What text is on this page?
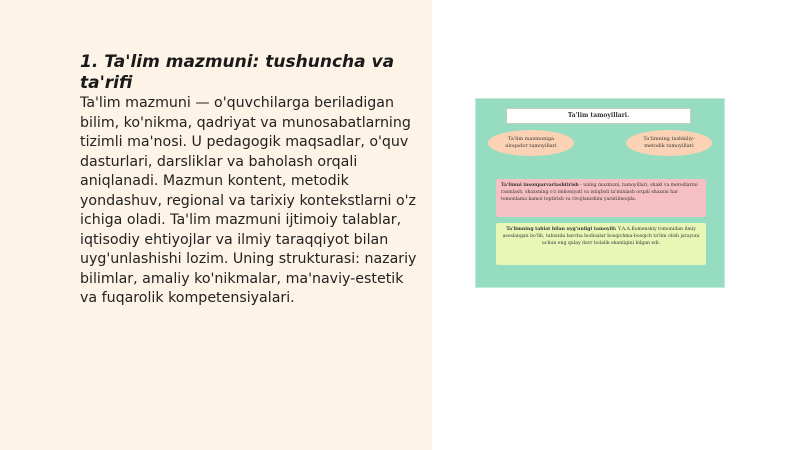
1. Ta'lim mazmuni: tushuncha va ta'rifi

Ta'lim mazmuni — o'quvchilarga beriladigan bilim, ko'nikma, qadriyat va munosabatlarning tizimli ma'nosi. U pedagogik maqsadlar, o'quv dasturlari, darsliklar va baholash orqali aniqlanadi. Mazmun kontent, metodik yondashuv, regional va tarixiy kontekstlarni o'z ichiga oladi. Ta'lim mazmuni ijtimoiy talablar, iqtisodiy ehtiyojlar va ilmiy taraqqiyot bilan uyg'unlashishi lozim. Uning strukturasi: nazariy bilimlar, amaliy ko'nikmalar, ma'naviy-estetik va fuqarolik kompetensiyalari.

Ta'lim tamoyillari.
Ta'lim mazmuniga aloqador tamoyillari
Ta'limning tashkiliy-metodik tamoyillari
Ta'limni insonparvarlashtirish - uning mazmuni, tamoyillari, shakl va metodlarini rasmlash, shaxsning o'z imkoniyati va istiqboli ta'minlash orqali shaxsni har tomonlama kamol toptirish va rivojlanishini yaratilmoqda.
Ta'limning tabiat bilan uyg'unligi tamoyili: Y.A.A.Komenskiy tomonidan ilmiy asoslangan bo'lib, tabiatda barcha hodisalar bosqichma-bosqich ta'lim olish jarayoni uchun eng qulay davr bolalik ekanligini bilgan edi.
